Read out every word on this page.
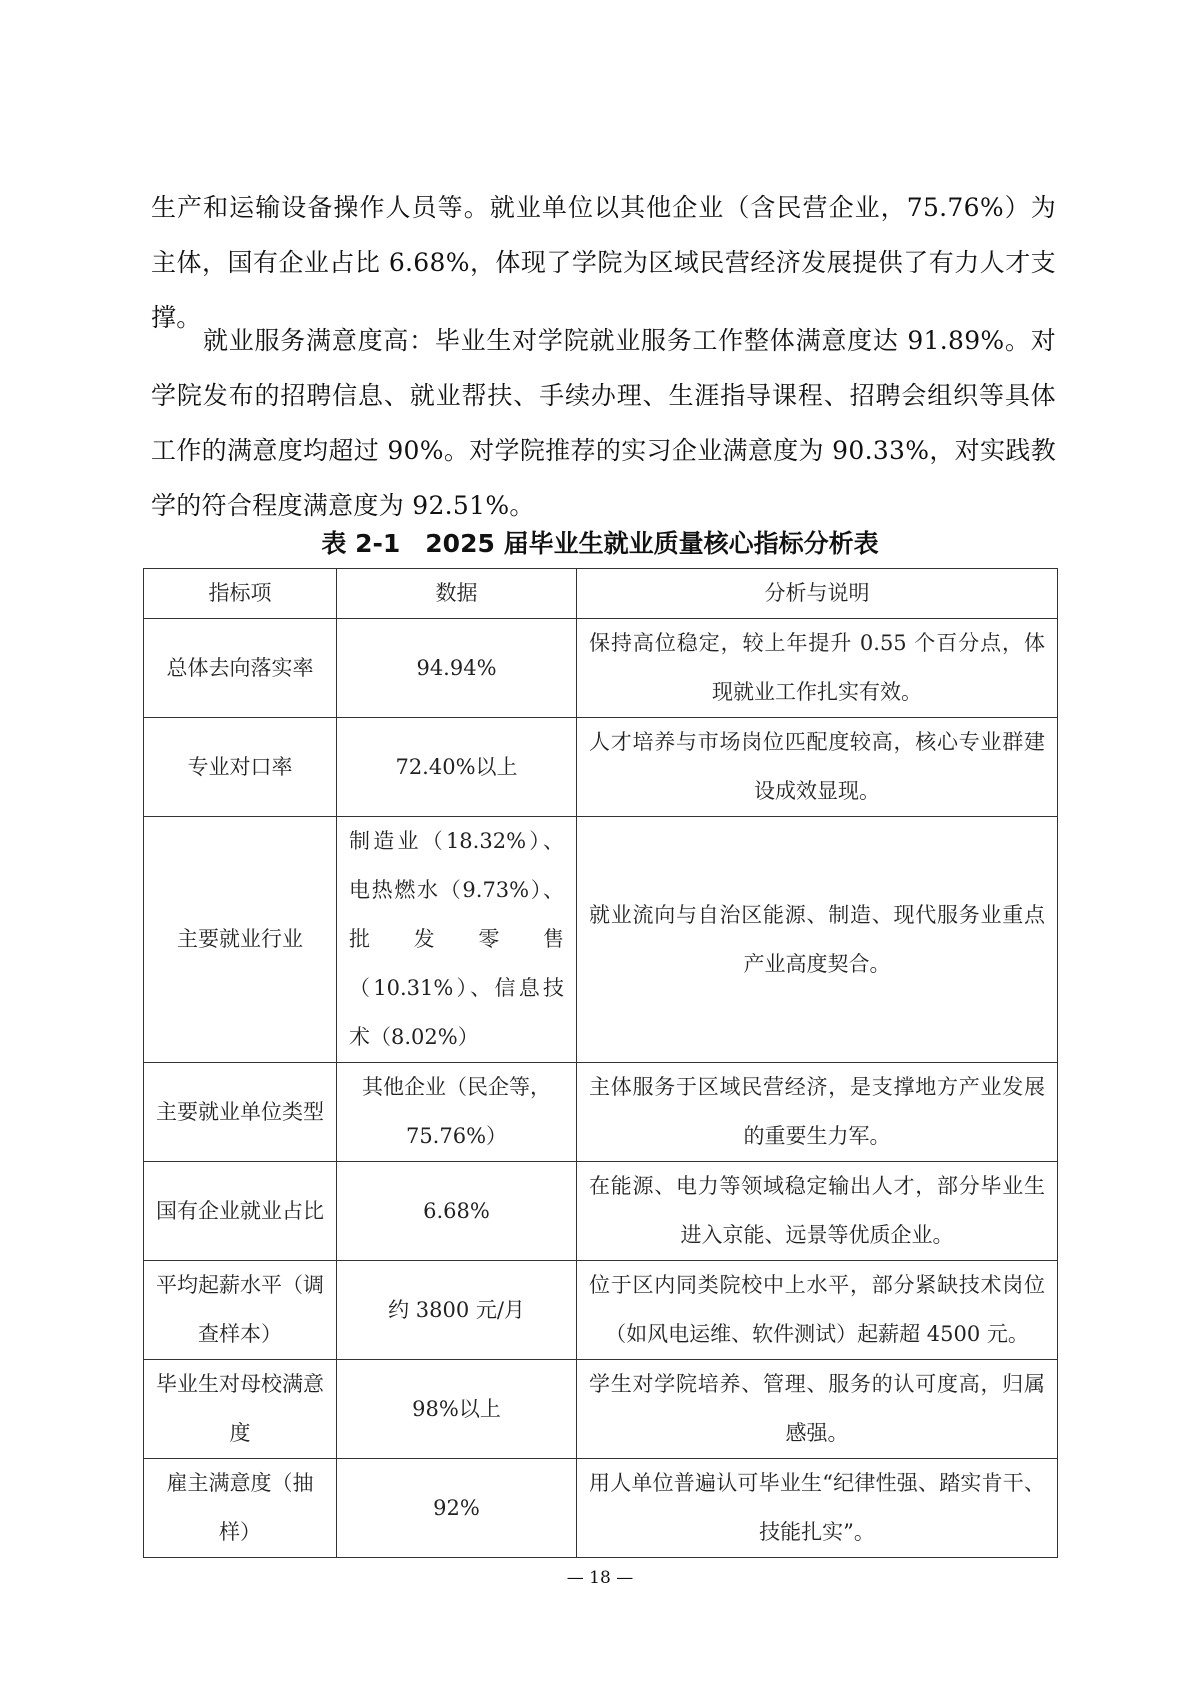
生产和运输设备操作人员等。就业单位以其他企业（含民营企业，75.76%）为主体，国有企业占比 6.68%，体现了学院为区域民营经济发展提供了有力人才支撑。

就业服务满意度高：毕业生对学院就业服务工作整体满意度达 91.89%。对学院发布的招聘信息、就业帮扶、手续办理、生涯指导课程、招聘会组织等具体工作的满意度均超过 90%。对学院推荐的实习企业满意度为 90.33%，对实践教学的符合程度满意度为 92.51%。

表 2-1　2025 届毕业生就业质量核心指标分析表
指标项	数据	分析与说明
总体去向落实率	94.94%	保持高位稳定，较上年提升 0.55 个百分点，体现就业工作扎实有效。
专业对口率	72.40%以上	人才培养与市场岗位匹配度较高，核心专业群建设成效显现。
主要就业行业	制造业（18.32%）、电热燃水（9.73%）、批发零售（10.31%）、信息技术（8.02%）	就业流向与自治区能源、制造、现代服务业重点产业高度契合。
主要就业单位类型	其他企业（民企等，75.76%）	主体服务于区域民营经济，是支撑地方产业发展的重要生力军。
国有企业就业占比	6.68%	在能源、电力等领域稳定输出人才，部分毕业生进入京能、远景等优质企业。
平均起薪水平（调查样本）	约 3800 元/月	位于区内同类院校中上水平，部分紧缺技术岗位（如风电运维、软件测试）起薪超 4500 元。
毕业生对母校满意度	98%以上	学生对学院培养、管理、服务的认可度高，归属感强。
雇主满意度（抽样）	92%	用人单位普遍认可毕业生“纪律性强、踏实肯干、技能扎实”。
— 18 —
